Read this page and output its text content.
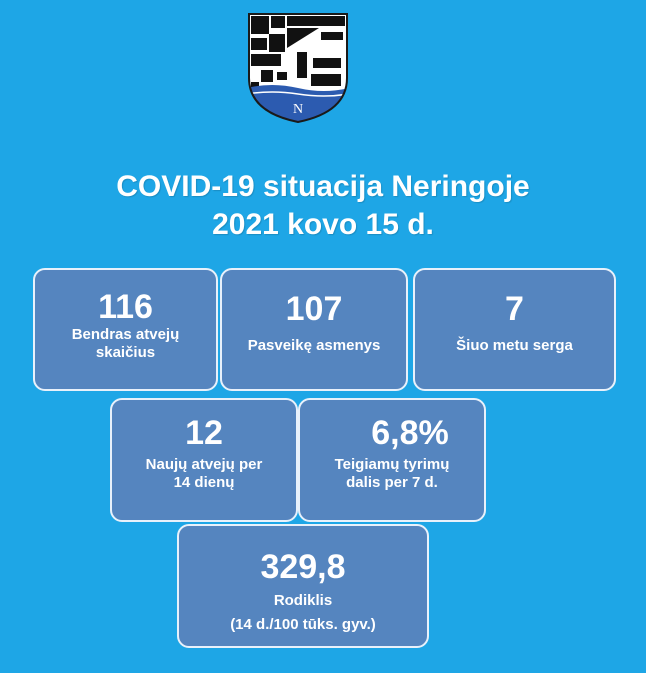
N
COVID-19 situacija Neringoje
2021 kovo 15 d.
116
Bendras atvejų
skaičius
107
Pasveikę asmenys
7
Šiuo metu serga
12
Naujų atvejų per
14 dienų
6,8%
Teigiamų tyrimų
dalis per 7 d.
329,8
Rodiklis
(14 d./100 tūks. gyv.)
